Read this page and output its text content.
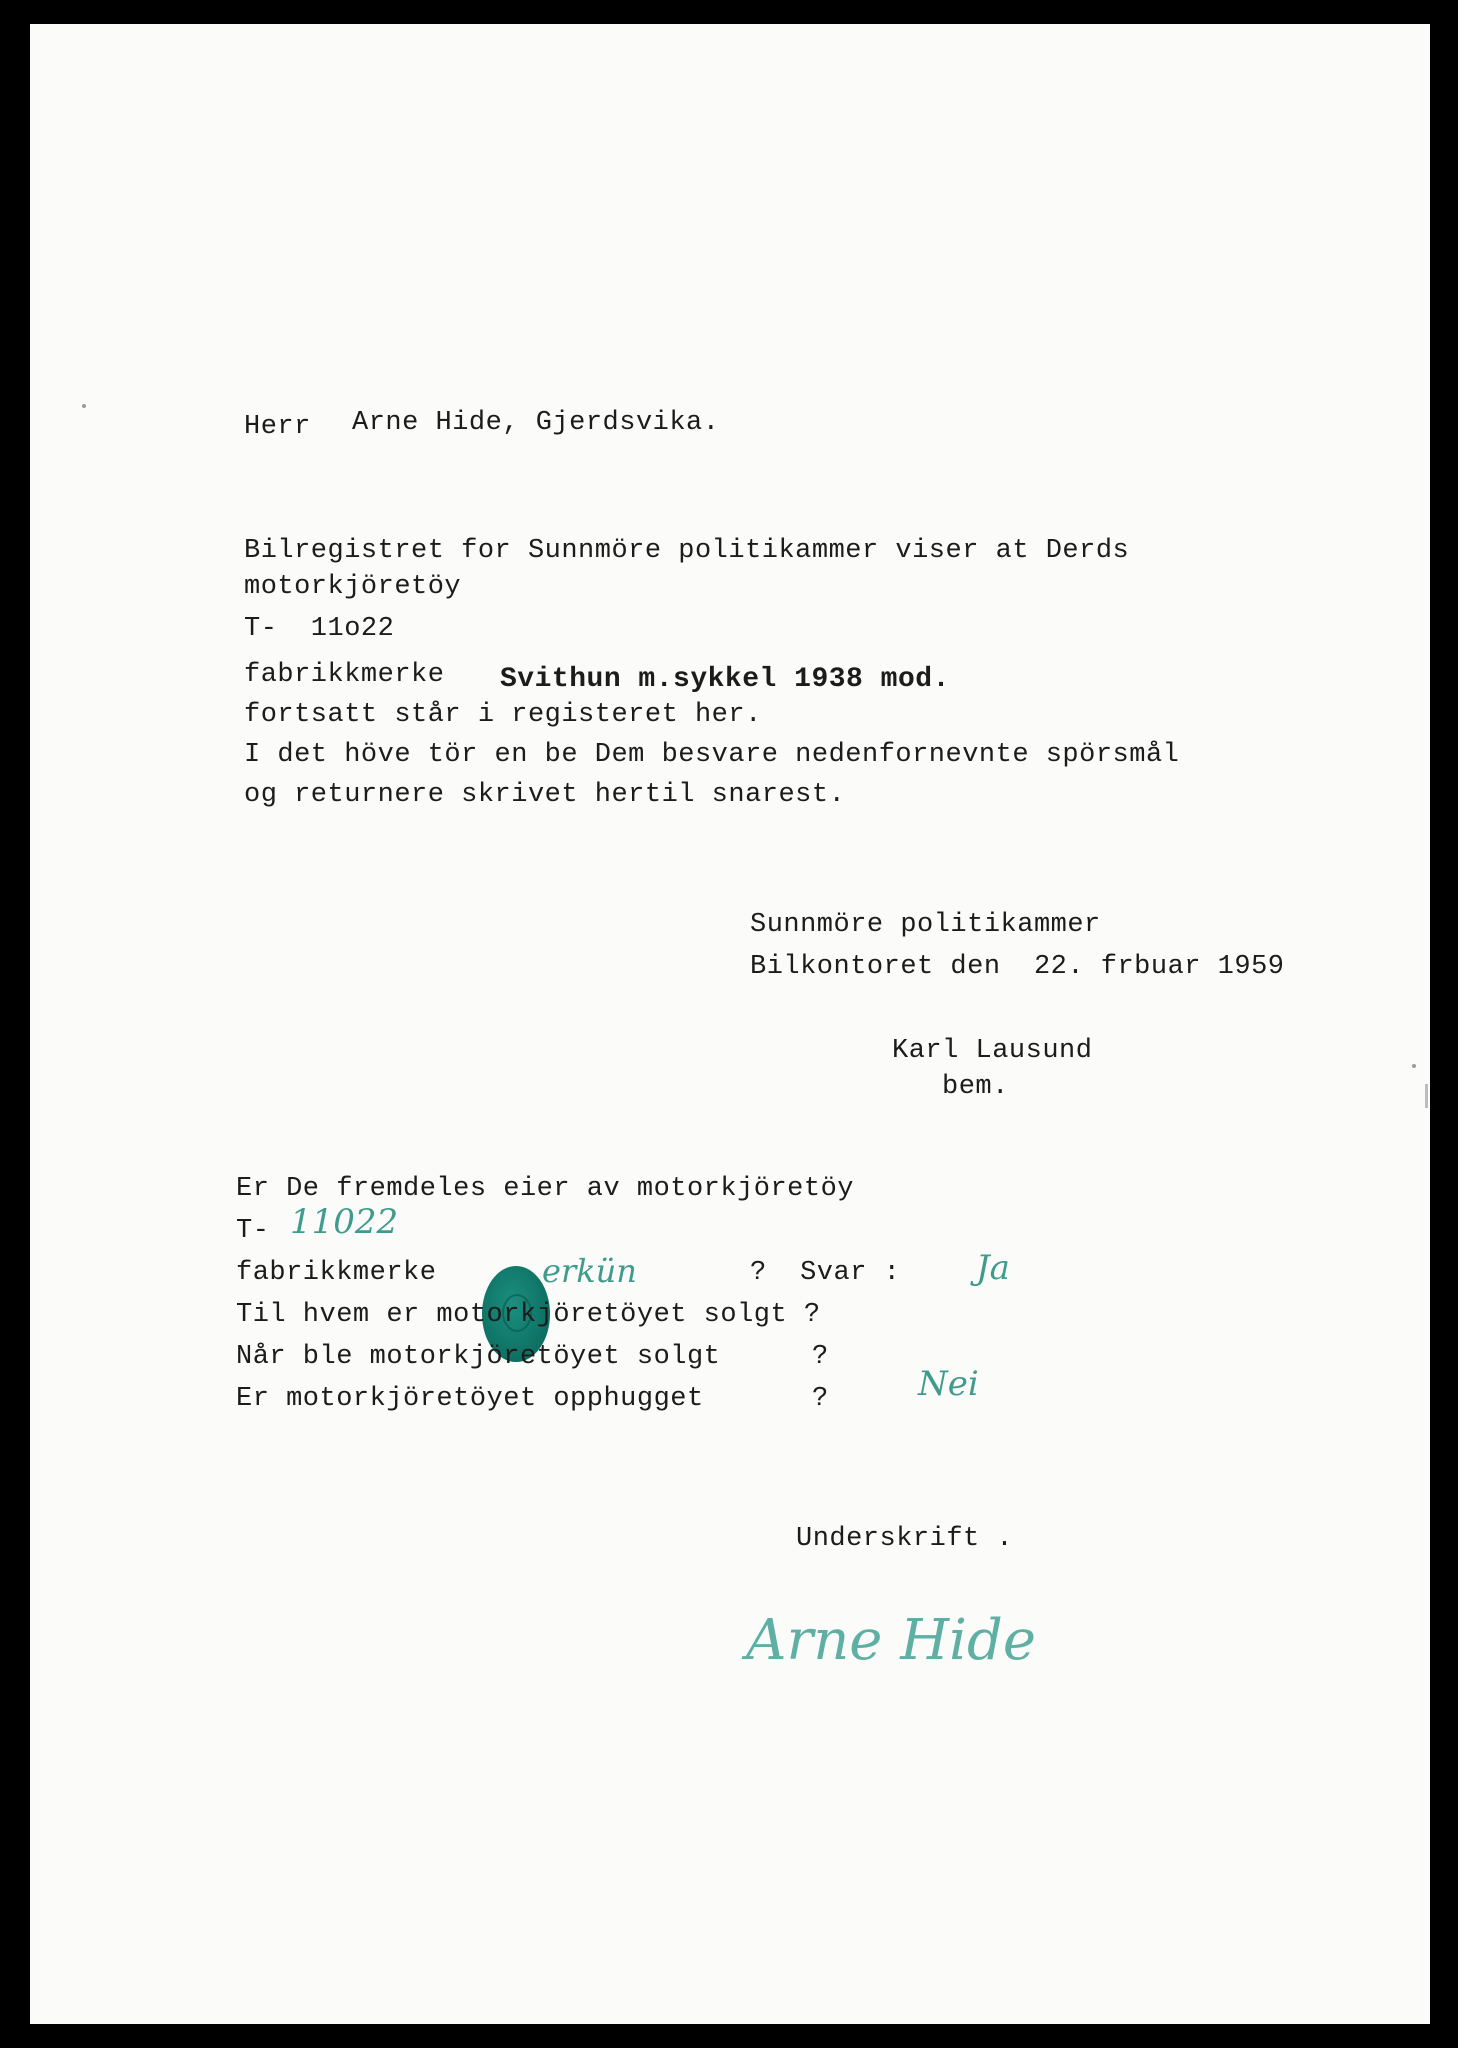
Herr Arne Hide, Gjerdsvika.
Bilregistret for Sunnmöre politikammer viser at Derds
motorkjöretöy
T-  11o22
fabrikkmerke Svithun m.sykkel 1938 mod.
fortsatt står i registeret her.
I det höve tör en be Dem besvare nedenfornevnte spörsmål
og returnere skrivet hertil snarest.
Sunnmöre politikammer
Bilkontoret den  22. frbuar 1959
Karl Lausund
bem.
Er De fremdeles eier av motorkjöretöy
T- 11022
fabrikkmerke	erkün	?  Svar : Ja
Til hvem er motorkjöretöyet solgt ?
Når ble motorkjöretöyet solgt	?
Er motorkjöretöyet opphugget	?	Nei
Underskrift .
Arne Hide
